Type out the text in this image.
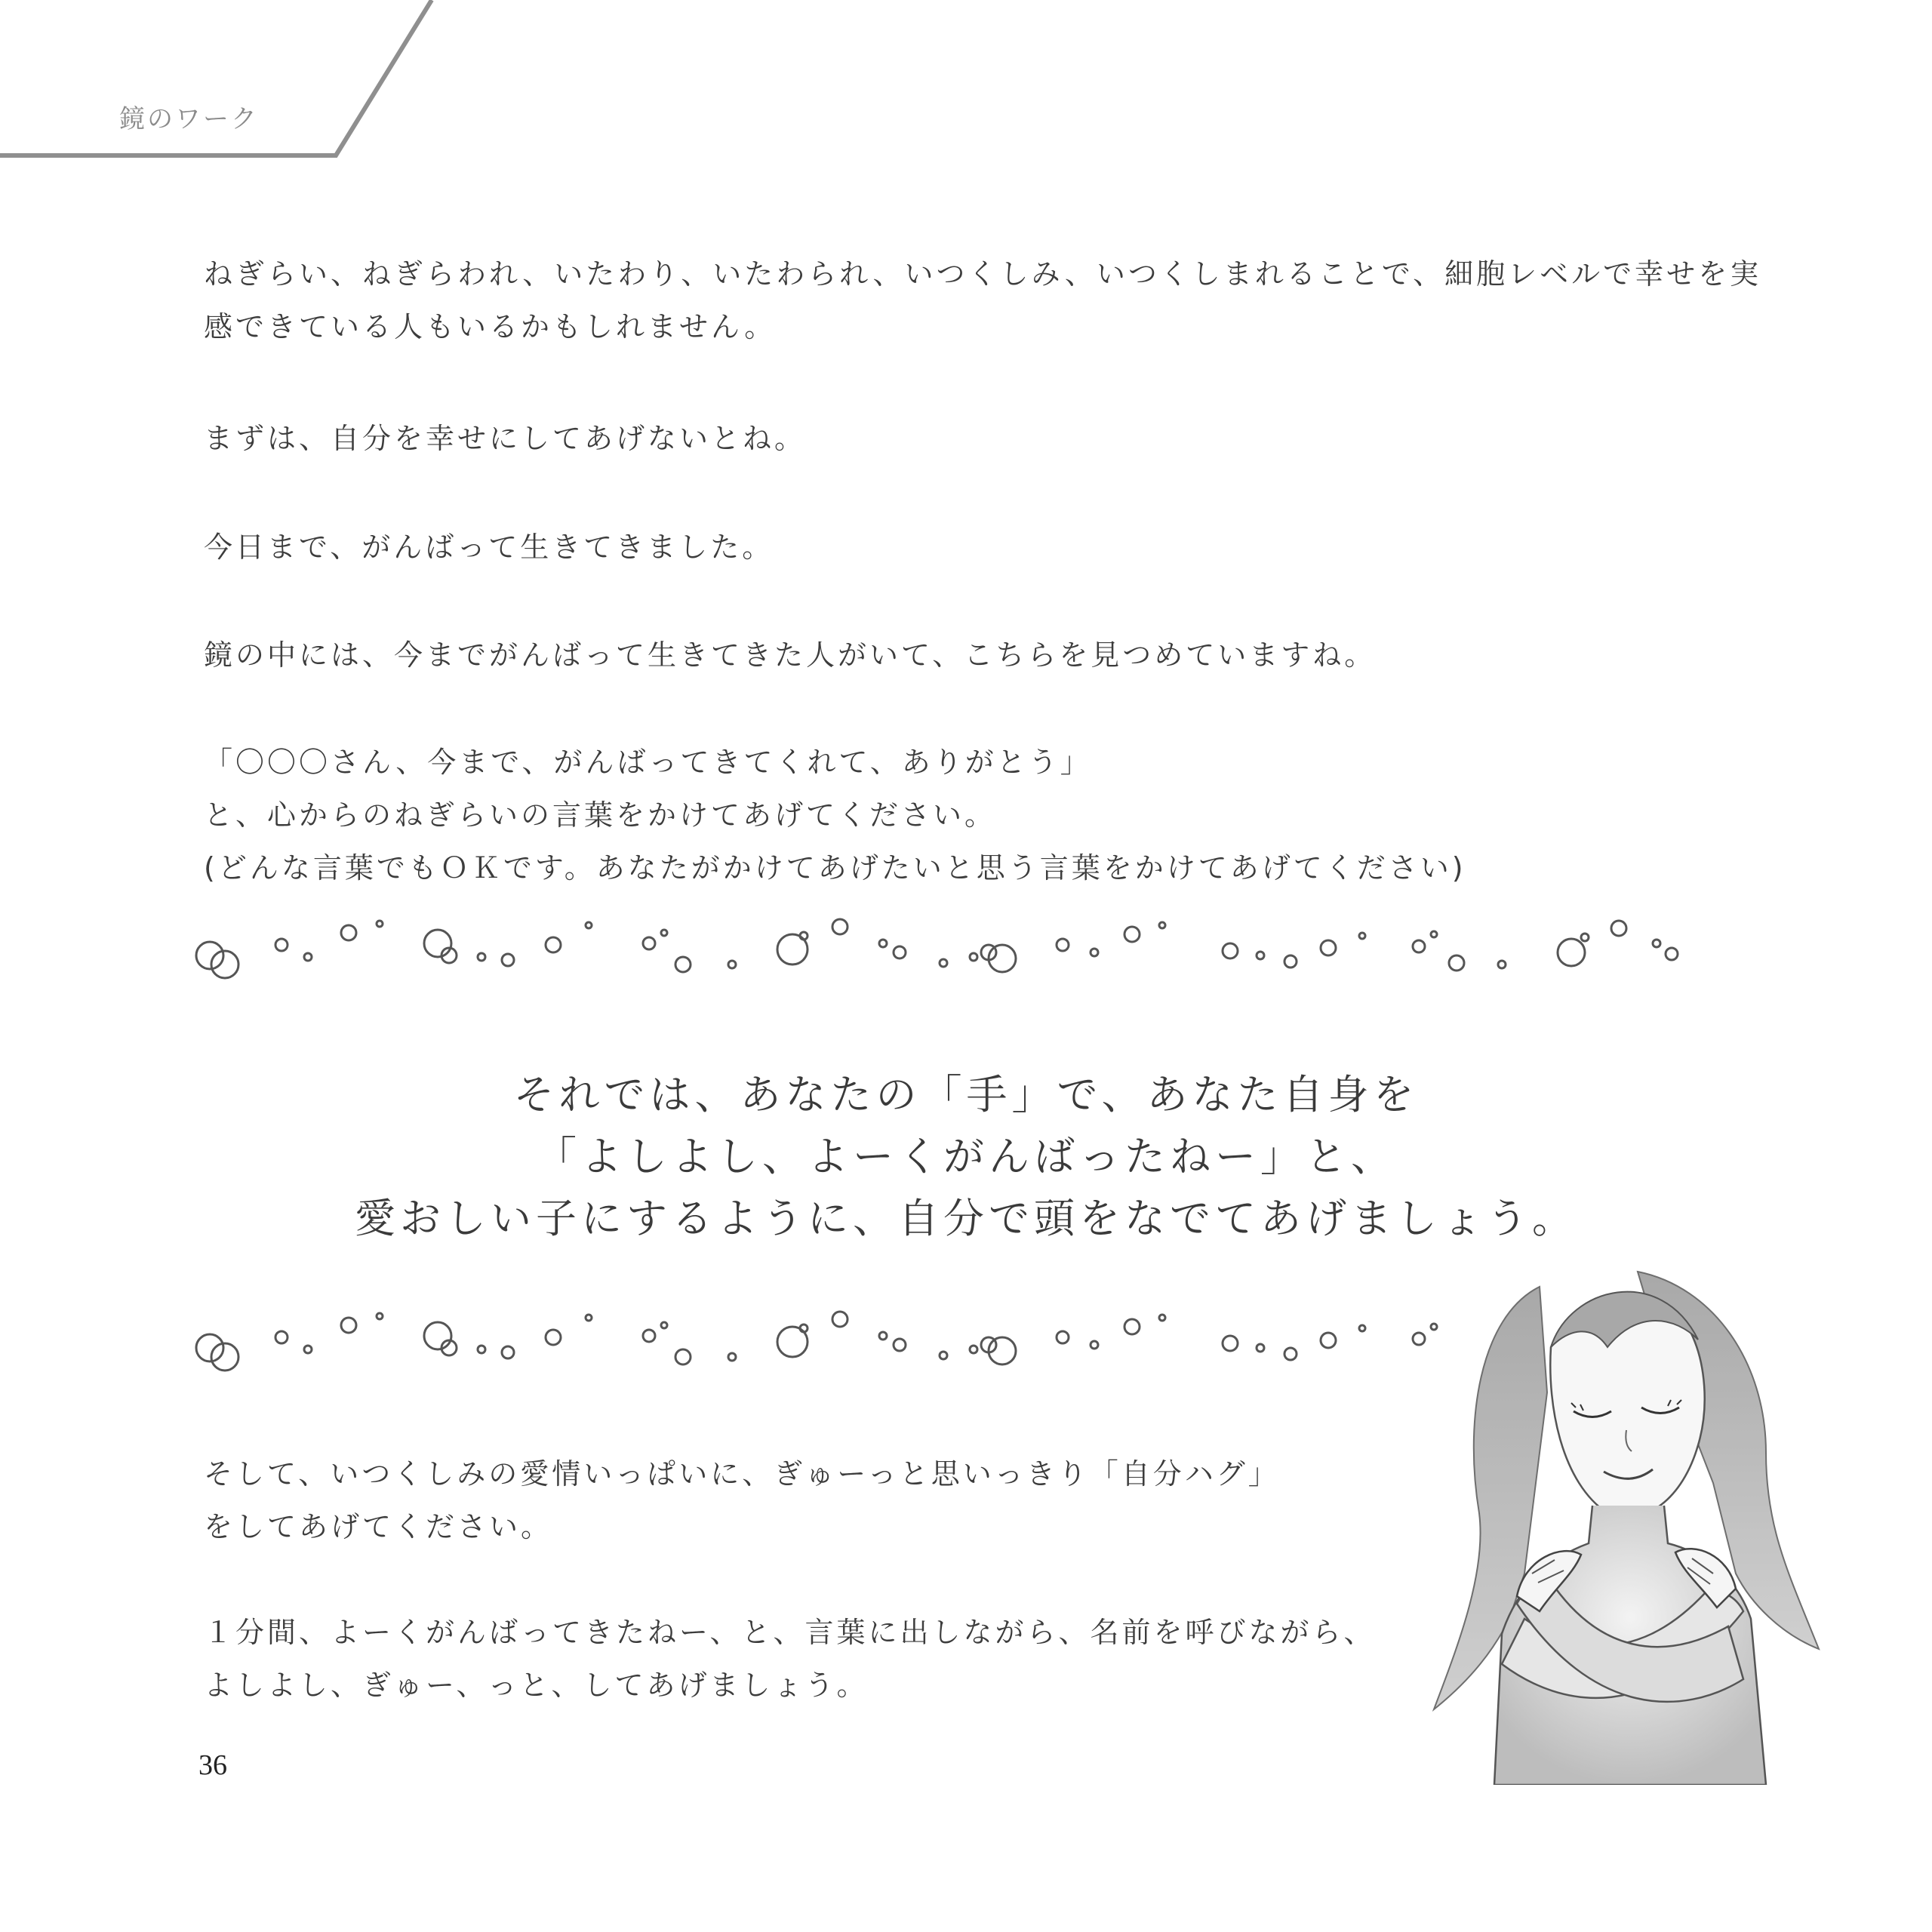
鏡のワーク
ねぎらい、ねぎらわれ、いたわり、いたわられ、いつくしみ、いつくしまれることで、細胞レベルで幸せを実
感できている人もいるかもしれません。
まずは、自分を幸せにしてあげないとね。
今日まで、がんばって生きてきました。
鏡の中には、今までがんばって生きてきた人がいて、こちらを見つめていますね。
「〇〇〇さん、今まで、がんばってきてくれて、ありがとう」
と、心からのねぎらいの言葉をかけてあげてください。
(どんな言葉でもＯＫです。あなたがかけてあげたいと思う言葉をかけてあげてください)
それでは、あなたの「手」で、あなた自身を
「よしよし、よーくがんばったねー」と、
愛おしい子にするように、自分で頭をなでてあげましょう。
そして、いつくしみの愛情いっぱいに、ぎゅーっと思いっきり「自分ハグ」
をしてあげてください。
１分間、よーくがんばってきたねー、と、言葉に出しながら、名前を呼びながら、
よしよし、ぎゅー、っと、してあげましょう。
36
